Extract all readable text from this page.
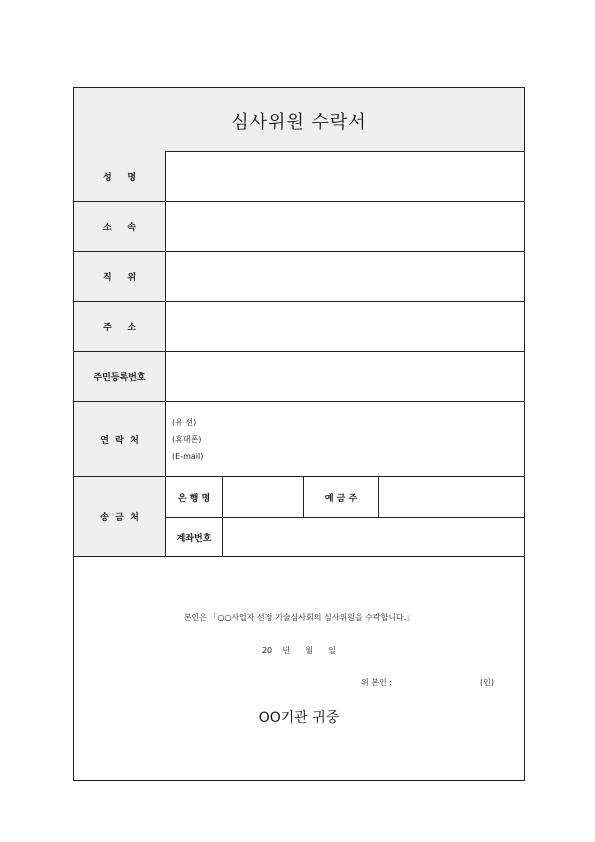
심사위원 수락서
성     명
소     속
직     위
주     소
주민등록번호
연  락  처
(유 선)
(휴대폰)
(E-mail)
송  금  처
은 행 명	예 금 주
계좌번호
본인은 「○○사업자 선정 기술심사회의 심사위원을 수락합니다.」
20    년      월      일
위 본인 :	(인)
OO기관 귀중
